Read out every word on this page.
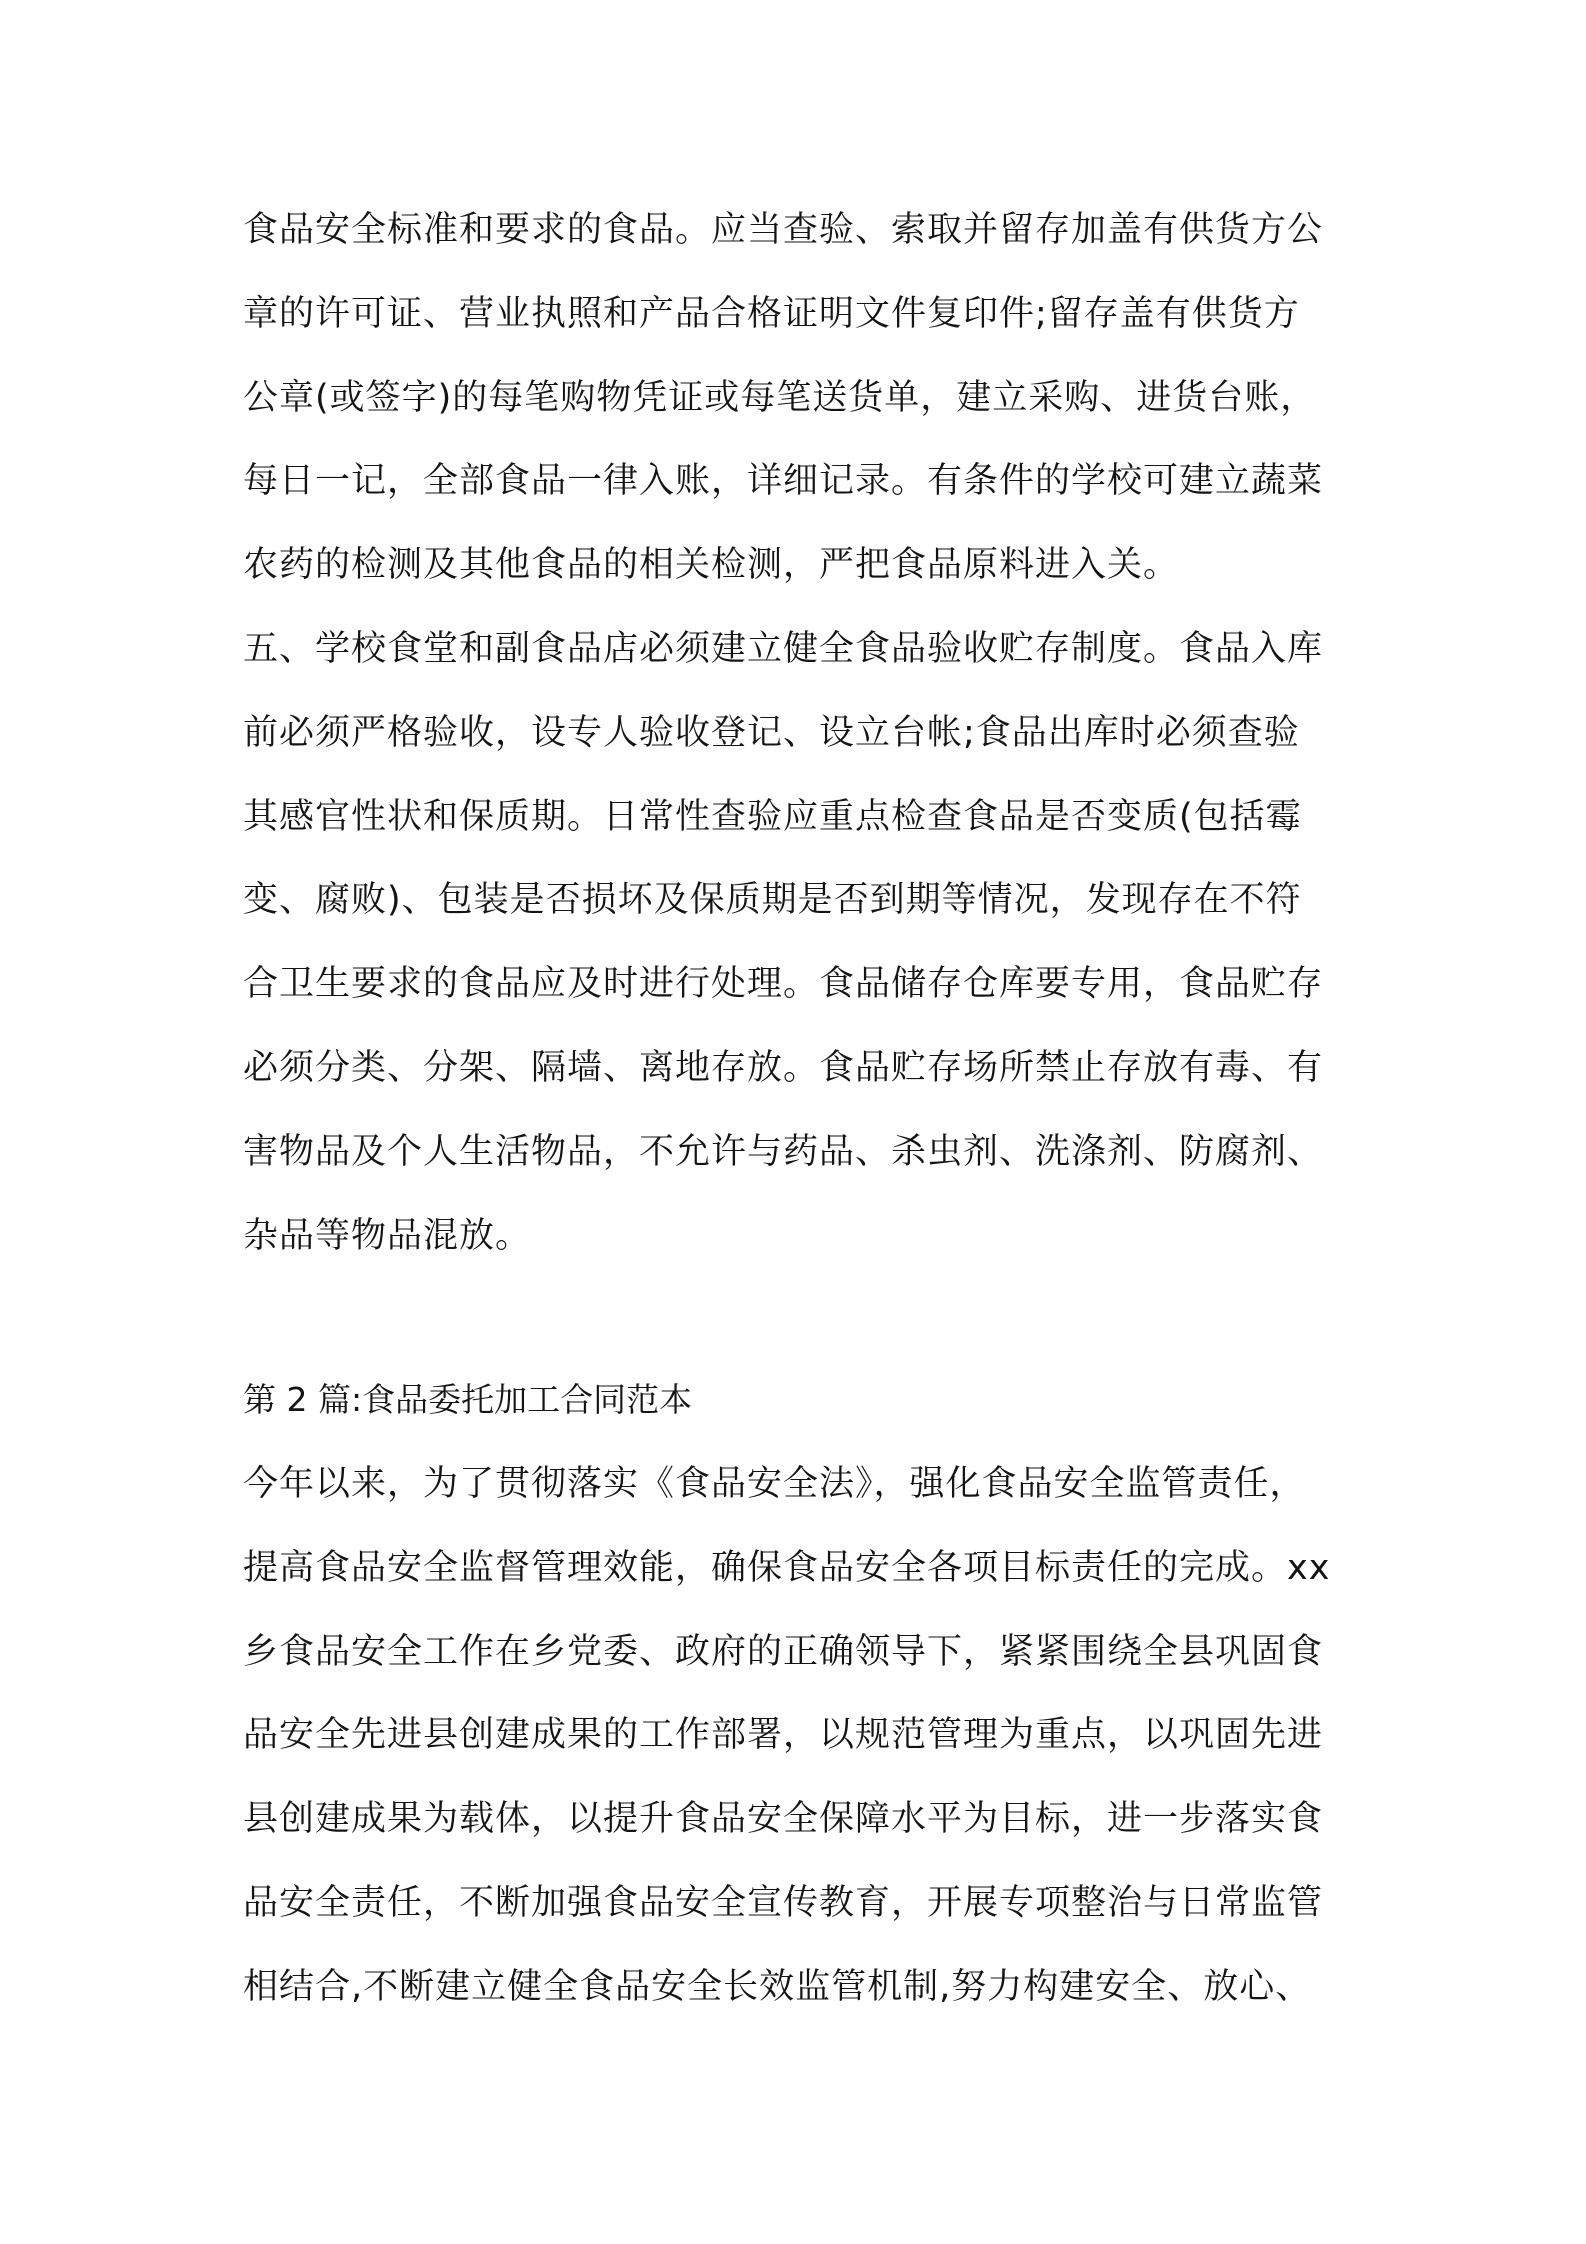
食品安全标准和要求的食品。应当查验、索取并留存加盖有供货方公
章的许可证、营业执照和产品合格证明文件复印件;留存盖有供货方
公章(或签字)的每笔购物凭证或每笔送货单，建立采购、进货台账，
每日一记，全部食品一律入账，详细记录。有条件的学校可建立蔬菜
农药的检测及其他食品的相关检测，严把食品原料进入关。
五、学校食堂和副食品店必须建立健全食品验收贮存制度。食品入库
前必须严格验收，设专人验收登记、设立台帐;食品出库时必须查验
其感官性状和保质期。日常性查验应重点检查食品是否变质(包括霉
变、腐败)、包装是否损坏及保质期是否到期等情况，发现存在不符
合卫生要求的食品应及时进行处理。食品储存仓库要专用，食品贮存
必须分类、分架、隔墙、离地存放。食品贮存场所禁止存放有毒、有
害物品及个人生活物品，不允许与药品、杀虫剂、洗涤剂、防腐剂、
杂品等物品混放。
第 2 篇:食品委托加工合同范本
今年以来，为了贯彻落实《食品安全法》，强化食品安全监管责任，
提高食品安全监督管理效能，确保食品安全各项目标责任的完成。xx
乡食品安全工作在乡党委、政府的正确领导下，紧紧围绕全县巩固食
品安全先进县创建成果的工作部署，以规范管理为重点，以巩固先进
县创建成果为载体，以提升食品安全保障水平为目标，进一步落实食
品安全责任，不断加强食品安全宣传教育，开展专项整治与日常监管
相结合,不断建立健全食品安全长效监管机制,努力构建安全、放心、
